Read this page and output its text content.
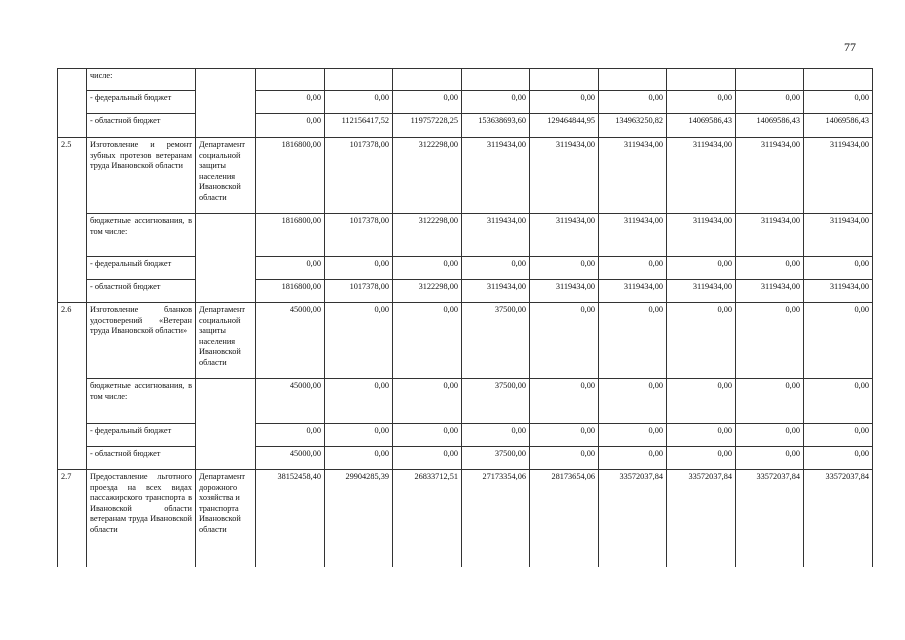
77
	числе:										
	- федеральный бюджет		0,00	0,00	0,00	0,00	0,00	0,00	0,00	0,00	0,00
	- областной бюджет		0,00	112156417,52	119757228,25	153638693,60	129464844,95	134963250,82	14069586,43	14069586,43	14069586,43
2.5	Изготовление и ремонт зубных протезов ветеранам труда Ивановской области	Департамент социальной защиты населения Ивановской области	1816800,00	1017378,00	3122298,00	3119434,00	3119434,00	3119434,00	3119434,00	3119434,00	3119434,00
	бюджетные ассигнования, в том числе:		1816800,00	1017378,00	3122298,00	3119434,00	3119434,00	3119434,00	3119434,00	3119434,00	3119434,00
	- федеральный бюджет		0,00	0,00	0,00	0,00	0,00	0,00	0,00	0,00	0,00
	- областной бюджет		1816800,00	1017378,00	3122298,00	3119434,00	3119434,00	3119434,00	3119434,00	3119434,00	3119434,00
2.6	Изготовление бланков удостоверений «Ветеран труда Ивановской области»	Департамент социальной защиты населения Ивановской области	45000,00	0,00	0,00	37500,00	0,00	0,00	0,00	0,00	0,00
	бюджетные ассигнования, в том числе:		45000,00	0,00	0,00	37500,00	0,00	0,00	0,00	0,00	0,00
	- федеральный бюджет		0,00	0,00	0,00	0,00	0,00	0,00	0,00	0,00	0,00
	- областной бюджет		45000,00	0,00	0,00	37500,00	0,00	0,00	0,00	0,00	0,00
2.7	Предоставление льготного проезда на всех видах пассажирского транспорта в Ивановской области ветеранам труда Ивановской области	Департамент дорожного хозяйства и транспорта Ивановской области	38152458,40	29904285,39	26833712,51	27173354,06	28173654,06	33572037,84	33572037,84	33572037,84	33572037,84
